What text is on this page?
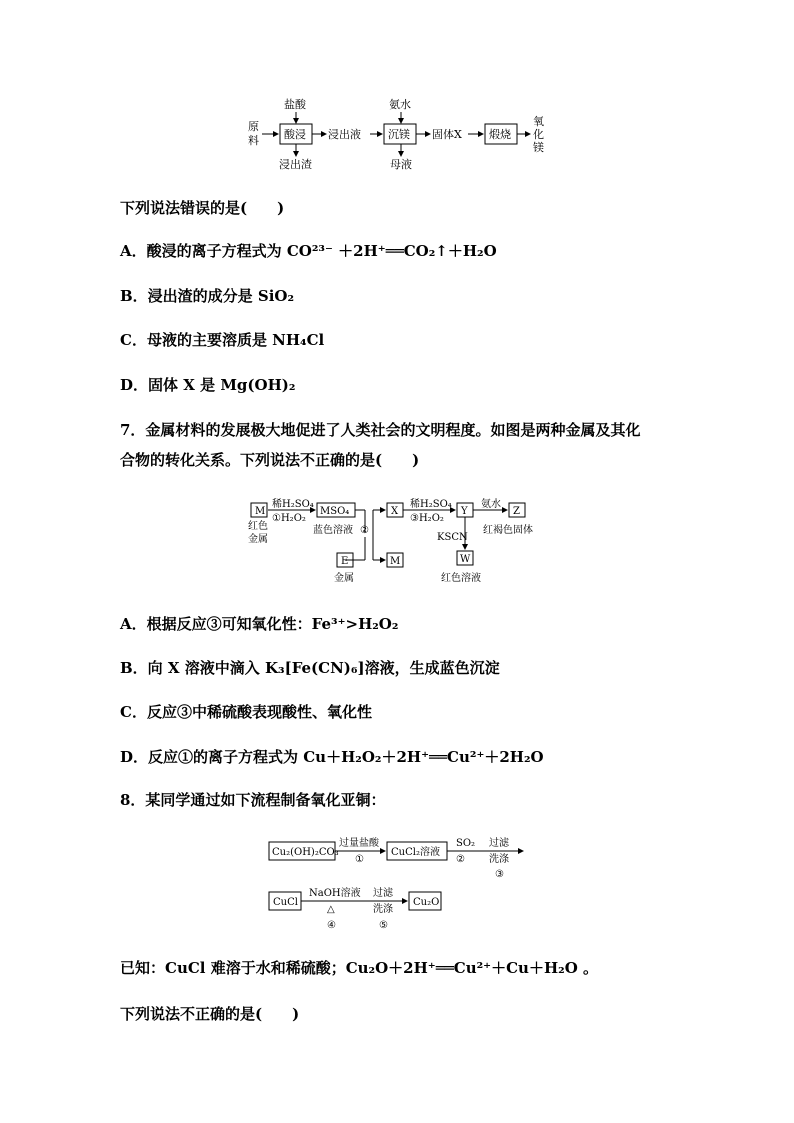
盐酸	氨水
原
料 酸浸 浸出液 沉镁 固体X 煅烧
氧
化
镁
浸出渣	母液
下列说法错误的是(　　)
A．酸浸的离子方程式为 CO²³⁻ ＋2H⁺══CO₂↑＋H₂O
B．浸出渣的成分是 SiO₂
C．母液的主要溶质是 NH₄Cl
D．固体 X 是 Mg(OH)₂
7．金属材料的发展极大地促进了人类社会的文明程度。如图是两种金属及其化
合物的转化关系。下列说法不正确的是(　　)
M
红色
金属
稀H₂SO₄
①H₂O₂
MSO₄
蓝色溶液 ②
E
金属
X
M
稀H₂SO₄
③H₂O₂
Y
氨水
Z
红褐色固体
KSCN
W
红色溶液
A．根据反应③可知氧化性：Fe³⁺>H₂O₂
B．向 X 溶液中滴入 K₃[Fe(CN)₆]溶液，生成蓝色沉淀
C．反应③中稀硫酸表现酸性、氧化性
D．反应①的离子方程式为 Cu＋H₂O₂＋2H⁺══Cu²⁺＋2H₂O
8．某同学通过如下流程制备氧化亚铜：
Cu₂(OH)₂CO₃
过量盐酸
①
CuCl₂溶液
SO₂
②
过滤
洗涤
③
CuCl
NaOH溶液
△
④
过滤
洗涤
⑤
Cu₂O
已知：CuCl 难溶于水和稀硫酸；Cu₂O＋2H⁺══Cu²⁺＋Cu＋H₂O 。
下列说法不正确的是(　　)
